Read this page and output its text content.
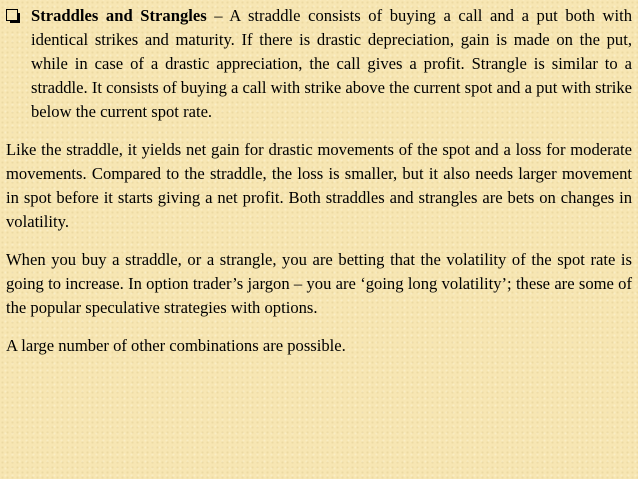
Straddles and Strangles – A straddle consists of buying a call and a put both with identical strikes and maturity. If there is drastic depreciation, gain is made on the put, while in case of a drastic appreciation, the call gives a profit. Strangle is similar to a straddle. It consists of buying a call with strike above the current spot and a put with strike below the current spot rate.

Like the straddle, it yields net gain for drastic movements of the spot and a loss for moderate movements. Compared to the straddle, the loss is smaller, but it also needs larger movement in spot before it starts giving a net profit. Both straddles and strangles are bets on changes in volatility.

When you buy a straddle, or a strangle, you are betting that the volatility of the spot rate is going to increase. In option trader’s jargon – you are ‘going long volatility’; these are some of the popular speculative strategies with options.

A large number of other combinations are possible.
